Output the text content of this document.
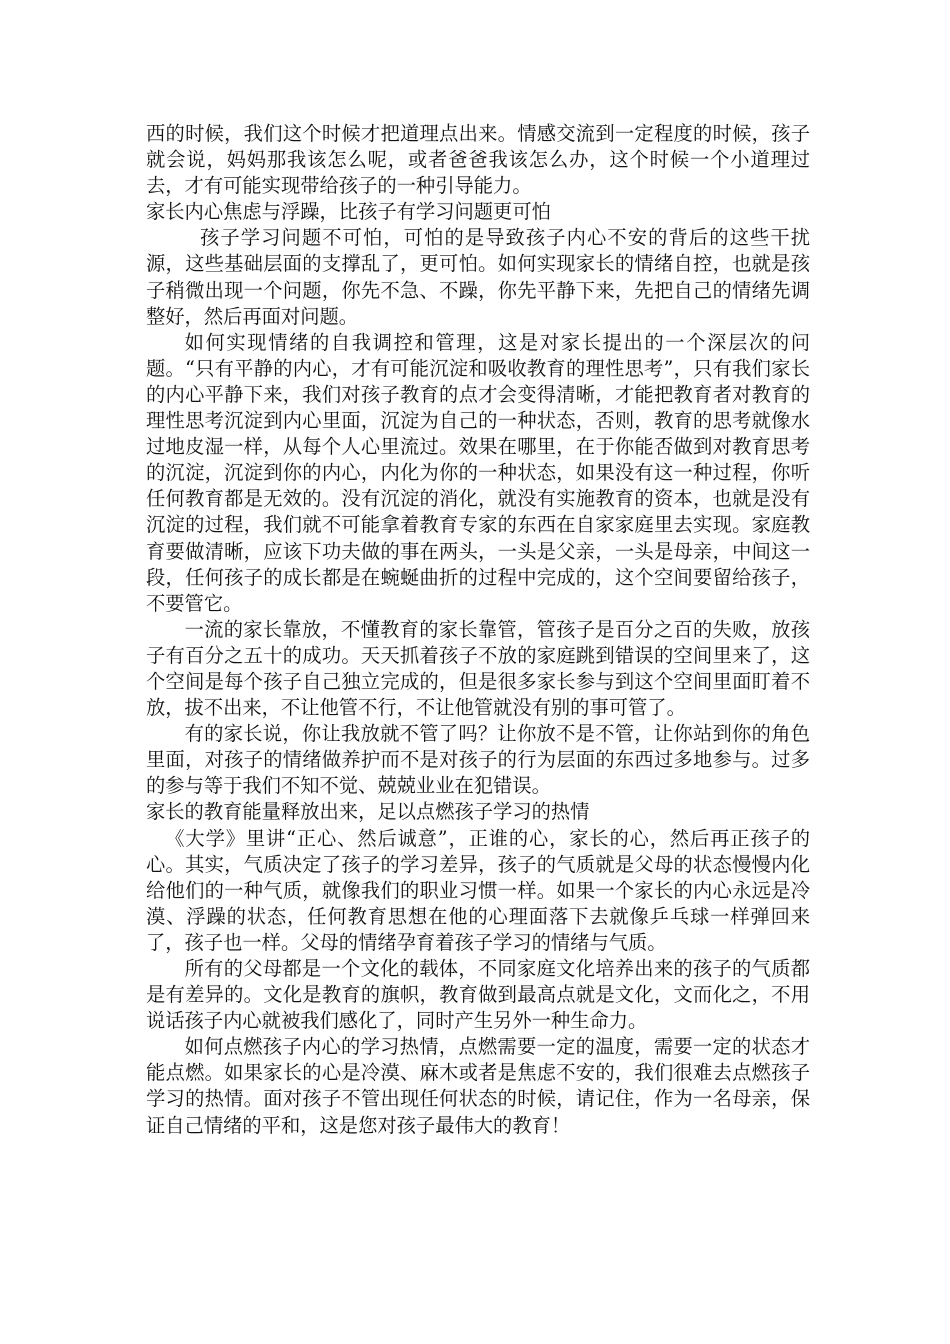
西的时候，我们这个时候才把道理点出来。情感交流到一定程度的时候，孩子就会说，妈妈那我该怎么呢，或者爸爸我该怎么办，这个时候一个小道理过去，才有可能实现带给孩子的一种引导能力。

家长内心焦虑与浮躁，比孩子有学习问题更可怕

孩子学习问题不可怕，可怕的是导致孩子内心不安的背后的这些干扰源，这些基础层面的支撑乱了，更可怕。如何实现家长的情绪自控，也就是孩子稍微出现一个问题，你先不急、不躁，你先平静下来，先把自己的情绪先调整好，然后再面对问题。

如何实现情绪的自我调控和管理，这是对家长提出的一个深层次的问题。“只有平静的内心，才有可能沉淀和吸收教育的理性思考”，只有我们家长的内心平静下来，我们对孩子教育的点才会变得清晰，才能把教育者对教育的理性思考沉淀到内心里面，沉淀为自己的一种状态，否则，教育的思考就像水过地皮湿一样，从每个人心里流过。效果在哪里，在于你能否做到对教育思考的沉淀，沉淀到你的内心，内化为你的一种状态，如果没有这一种过程，你听任何教育都是无效的。没有沉淀的消化，就没有实施教育的资本，也就是没有沉淀的过程，我们就不可能拿着教育专家的东西在自家家庭里去实现。家庭教育要做清晰，应该下功夫做的事在两头，一头是父亲，一头是母亲，中间这一段，任何孩子的成长都是在蜿蜒曲折的过程中完成的，这个空间要留给孩子，不要管它。

一流的家长靠放，不懂教育的家长靠管，管孩子是百分之百的失败，放孩子有百分之五十的成功。天天抓着孩子不放的家庭跳到错误的空间里来了，这个空间是每个孩子自己独立完成的，但是很多家长参与到这个空间里面盯着不放，拔不出来，不让他管不行，不让他管就没有别的事可管了。

有的家长说，你让我放就不管了吗？让你放不是不管，让你站到你的角色里面，对孩子的情绪做养护而不是对孩子的行为层面的东西过多地参与。过多的参与等于我们不知不觉、兢兢业业在犯错误。

家长的教育能量释放出来，足以点燃孩子学习的热情

《大学》里讲“正心、然后诚意”，正谁的心，家长的心，然后再正孩子的心。其实，气质决定了孩子的学习差异，孩子的气质就是父母的状态慢慢内化给他们的一种气质，就像我们的职业习惯一样。如果一个家长的内心永远是冷漠、浮躁的状态，任何教育思想在他的心理面落下去就像乒乓球一样弹回来了，孩子也一样。父母的情绪孕育着孩子学习的情绪与气质。

所有的父母都是一个文化的载体，不同家庭文化培养出来的孩子的气质都是有差异的。文化是教育的旗帜，教育做到最高点就是文化，文而化之，不用说话孩子内心就被我们感化了，同时产生另外一种生命力。

如何点燃孩子内心的学习热情，点燃需要一定的温度，需要一定的状态才能点燃。如果家长的心是冷漠、麻木或者是焦虑不安的，我们很难去点燃孩子学习的热情。面对孩子不管出现任何状态的时候，请记住，作为一名母亲，保证自己情绪的平和，这是您对孩子最伟大的教育！
